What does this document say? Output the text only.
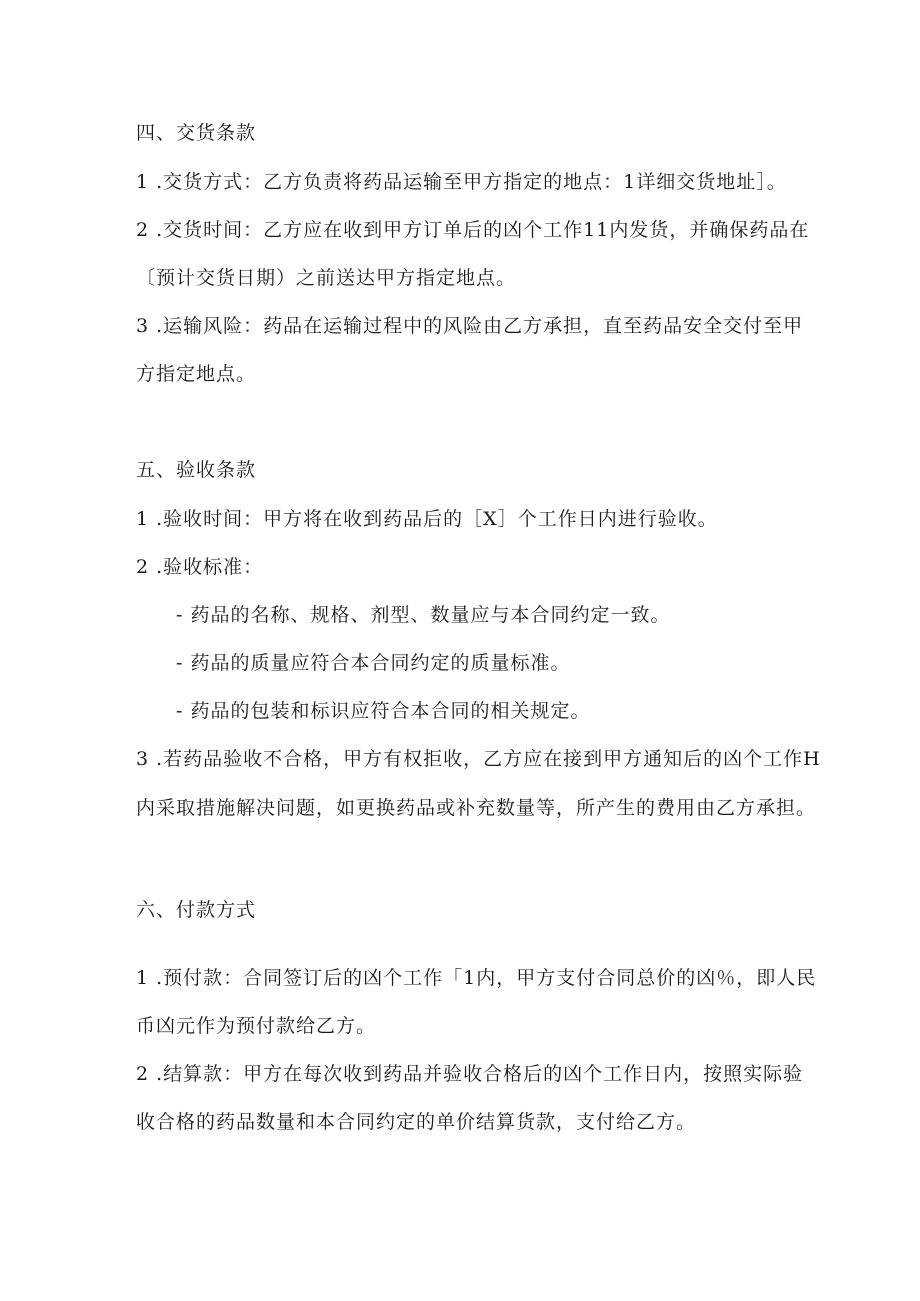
四、交货条款
1 .交货方式：乙方负责将药品运输至甲方指定的地点：1详细交货地址］。
2 .交货时间：乙方应在收到甲方订单后的凶个工作11内发货，并确保药品在
〔预计交货日期）之前送达甲方指定地点。
3 .运输风险：药品在运输过程中的风险由乙方承担，直至药品安全交付至甲
方指定地点。
五、验收条款
1 .验收时间：甲方将在收到药品后的［X］个工作日内进行验收。
2 .验收标准：
- 药品的名称、规格、剂型、数量应与本合同约定一致。
- 药品的质量应符合本合同约定的质量标准。
- 药品的包装和标识应符合本合同的相关规定。
3 .若药品验收不合格，甲方有权拒收，乙方应在接到甲方通知后的凶个工作H
内采取措施解决问题，如更换药品或补充数量等，所产生的费用由乙方承担。
六、付款方式
1 .预付款：合同签订后的凶个工作「1内，甲方支付合同总价的凶％，即人民
币凶元作为预付款给乙方。
2 .结算款：甲方在每次收到药品并验收合格后的凶个工作日内，按照实际验
收合格的药品数量和本合同约定的单价结算货款，支付给乙方。
